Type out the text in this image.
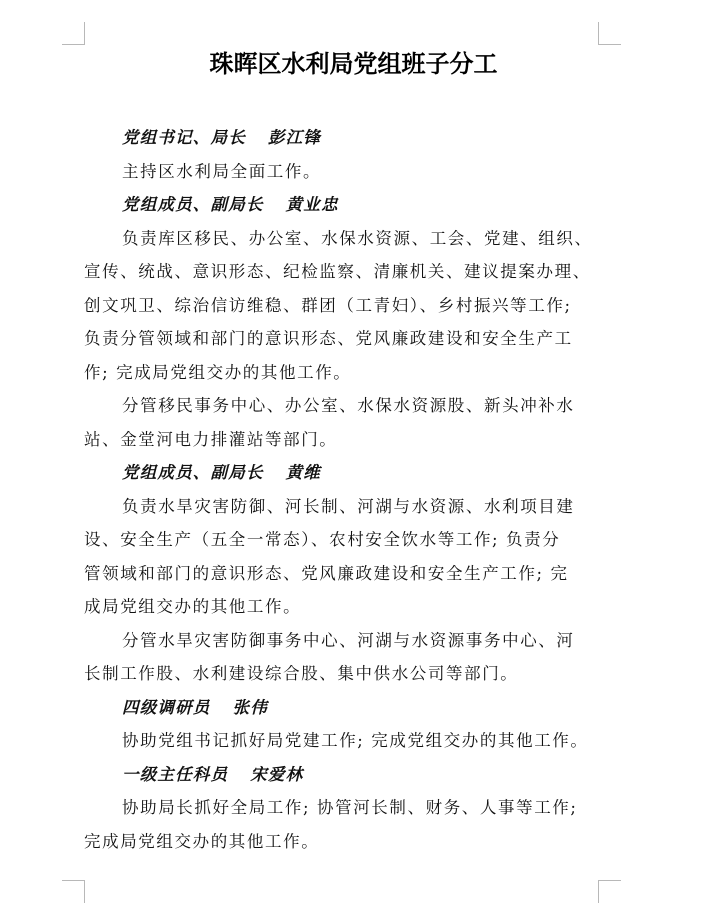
珠晖区水利局党组班子分工
党组书记、局长 彭江锋
主持区水利局全面工作。
党组成员、副局长 黄业忠
负责库区移民、办公室、水保水资源、工会、党建、组织、
宣传、统战、意识形态、纪检监察、清廉机关、建议提案办理、
创文巩卫、综治信访维稳、群团（工青妇）、乡村振兴等工作;
负责分管领域和部门的意识形态、党风廉政建设和安全生产工
作; 完成局党组交办的其他工作。
分管移民事务中心、办公室、水保水资源股、新头冲补水
站、金堂河电力排灌站等部门。
党组成员、副局长 黄维
负责水旱灾害防御、河长制、河湖与水资源、水利项目建
设、安全生产（五全一常态）、农村安全饮水等工作; 负责分
管领域和部门的意识形态、党风廉政建设和安全生产工作; 完
成局党组交办的其他工作。
分管水旱灾害防御事务中心、河湖与水资源事务中心、河
长制工作股、水利建设综合股、集中供水公司等部门。
四级调研员 张伟
协助党组书记抓好局党建工作; 完成党组交办的其他工作。
一级主任科员 宋爱林
协助局长抓好全局工作; 协管河长制、财务、人事等工作;
完成局党组交办的其他工作。
